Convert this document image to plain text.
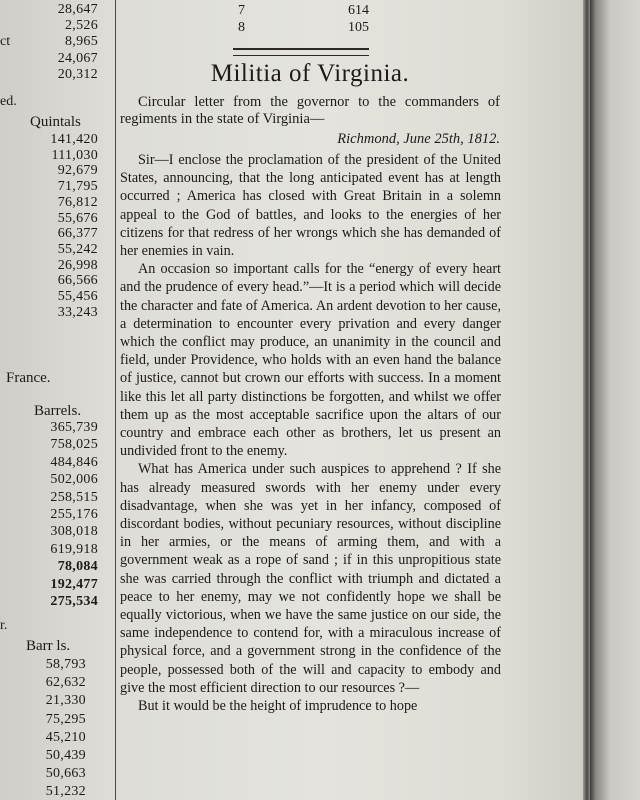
28,647
2,526
8,965
24,067
20,312
ct
ed.
Quintals
141,420
111,030
92,679
71,795
76,812
55,676
66,377
55,242
26,998
66,566
55,456
33,243
France.
Barrels.
365,739
758,025
484,846
502,006
258,515
255,176
308,018
619,918
78,084
192,477
275,534
r.
Barr ls.
58,793
62,632
21,330
75,295
45,210
50,439
50,663
51,232
7	614
8	105
Militia of Virginia.
Circular letter from the governor to the commanders of regiments in the state of Virginia—
Richmond, June 25th, 1812.

Sir—I enclose the proclamation of the president of the United States, announcing, that the long anticipated event has at length occurred ; America has closed with Great Britain in a solemn appeal to the God of battles, and looks to the energies of her citizens for that redress of her wrongs which she has demanded of her enemies in vain.

An occasion so important calls for the “energy of every heart and the prudence of every head.”—It is a period which will decide the character and fate of America. An ardent devotion to her cause, a determination to encounter every privation and every danger which the conflict may produce, an unanimity in the council and field, under Providence, who holds with an even hand the balance of justice, cannot but crown our efforts with success. In a moment like this let all party distinctions be forgotten, and whilst we offer them up as the most acceptable sacrifice upon the altars of our country and embrace each other as brothers, let us present an undivided front to the enemy.

What has America under such auspices to apprehend ? If she has already measured swords with her enemy under every disadvantage, when she was yet in her infancy, composed of discordant bodies, without pecuniary resources, without discipline in her armies, or the means of arming them, and with a government weak as a rope of sand ; if in this unpropitious state she was carried through the conflict with triumph and dictated a peace to her enemy, may we not confidently hope we shall be equally victorious, when we have the same justice on our side, the same independence to contend for, with a miraculous increase of physical force, and a government strong in the confidence of the people, possessed both of the will and capacity to embody and give the most efficient direction to our resources ?—

But it would be the height of imprudence to hope
